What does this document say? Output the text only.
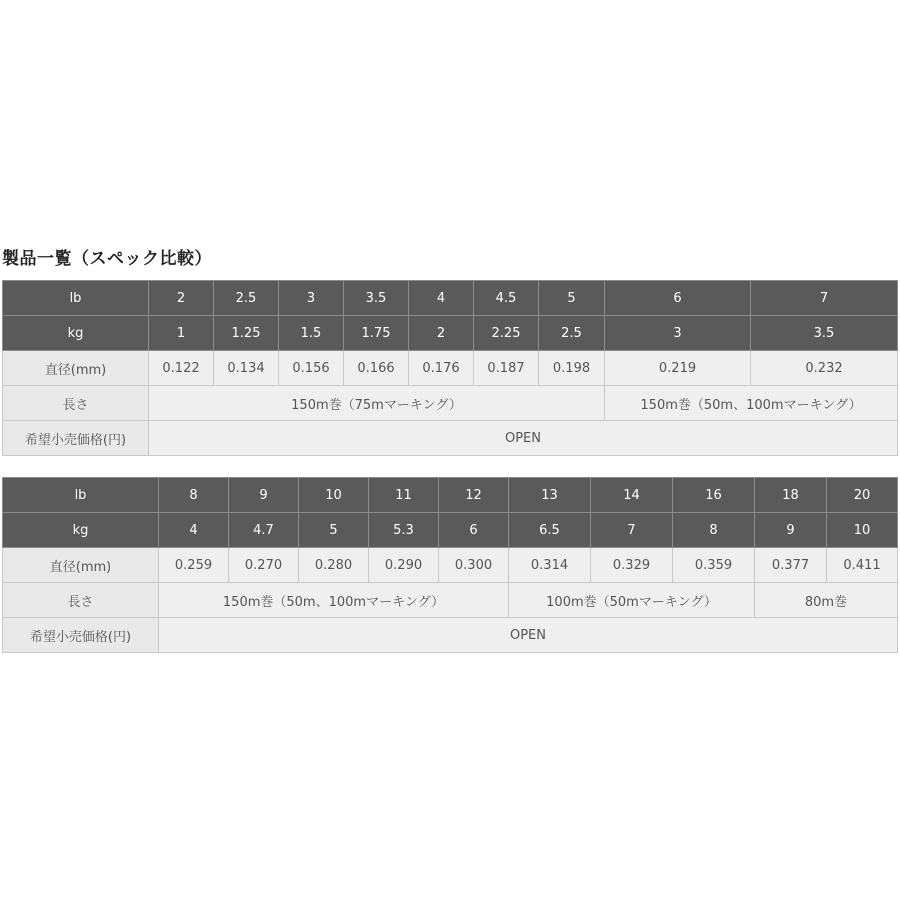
製品一覧（スペック比較）
lb	2	2.5	3	3.5	4	4.5	5	6	7
kg	1	1.25	1.5	1.75	2	2.25	2.5	3	3.5
直径(mm)	0.122	0.134	0.156	0.166	0.176	0.187	0.198	0.219	0.232
長さ	150m巻（75mマーキング）							150m巻（50m、100mマーキング）	
希望小売価格(円)	OPEN								
lb	8	9	10	11	12	13	14	16	18	20
kg	4	4.7	5	5.3	6	6.5	7	8	9	10
直径(mm)	0.259	0.270	0.280	0.290	0.300	0.314	0.329	0.359	0.377	0.411
長さ	150m巻（50m、100mマーキング）					100m巻（50mマーキング）			80m巻	
希望小売価格(円)	OPEN									
